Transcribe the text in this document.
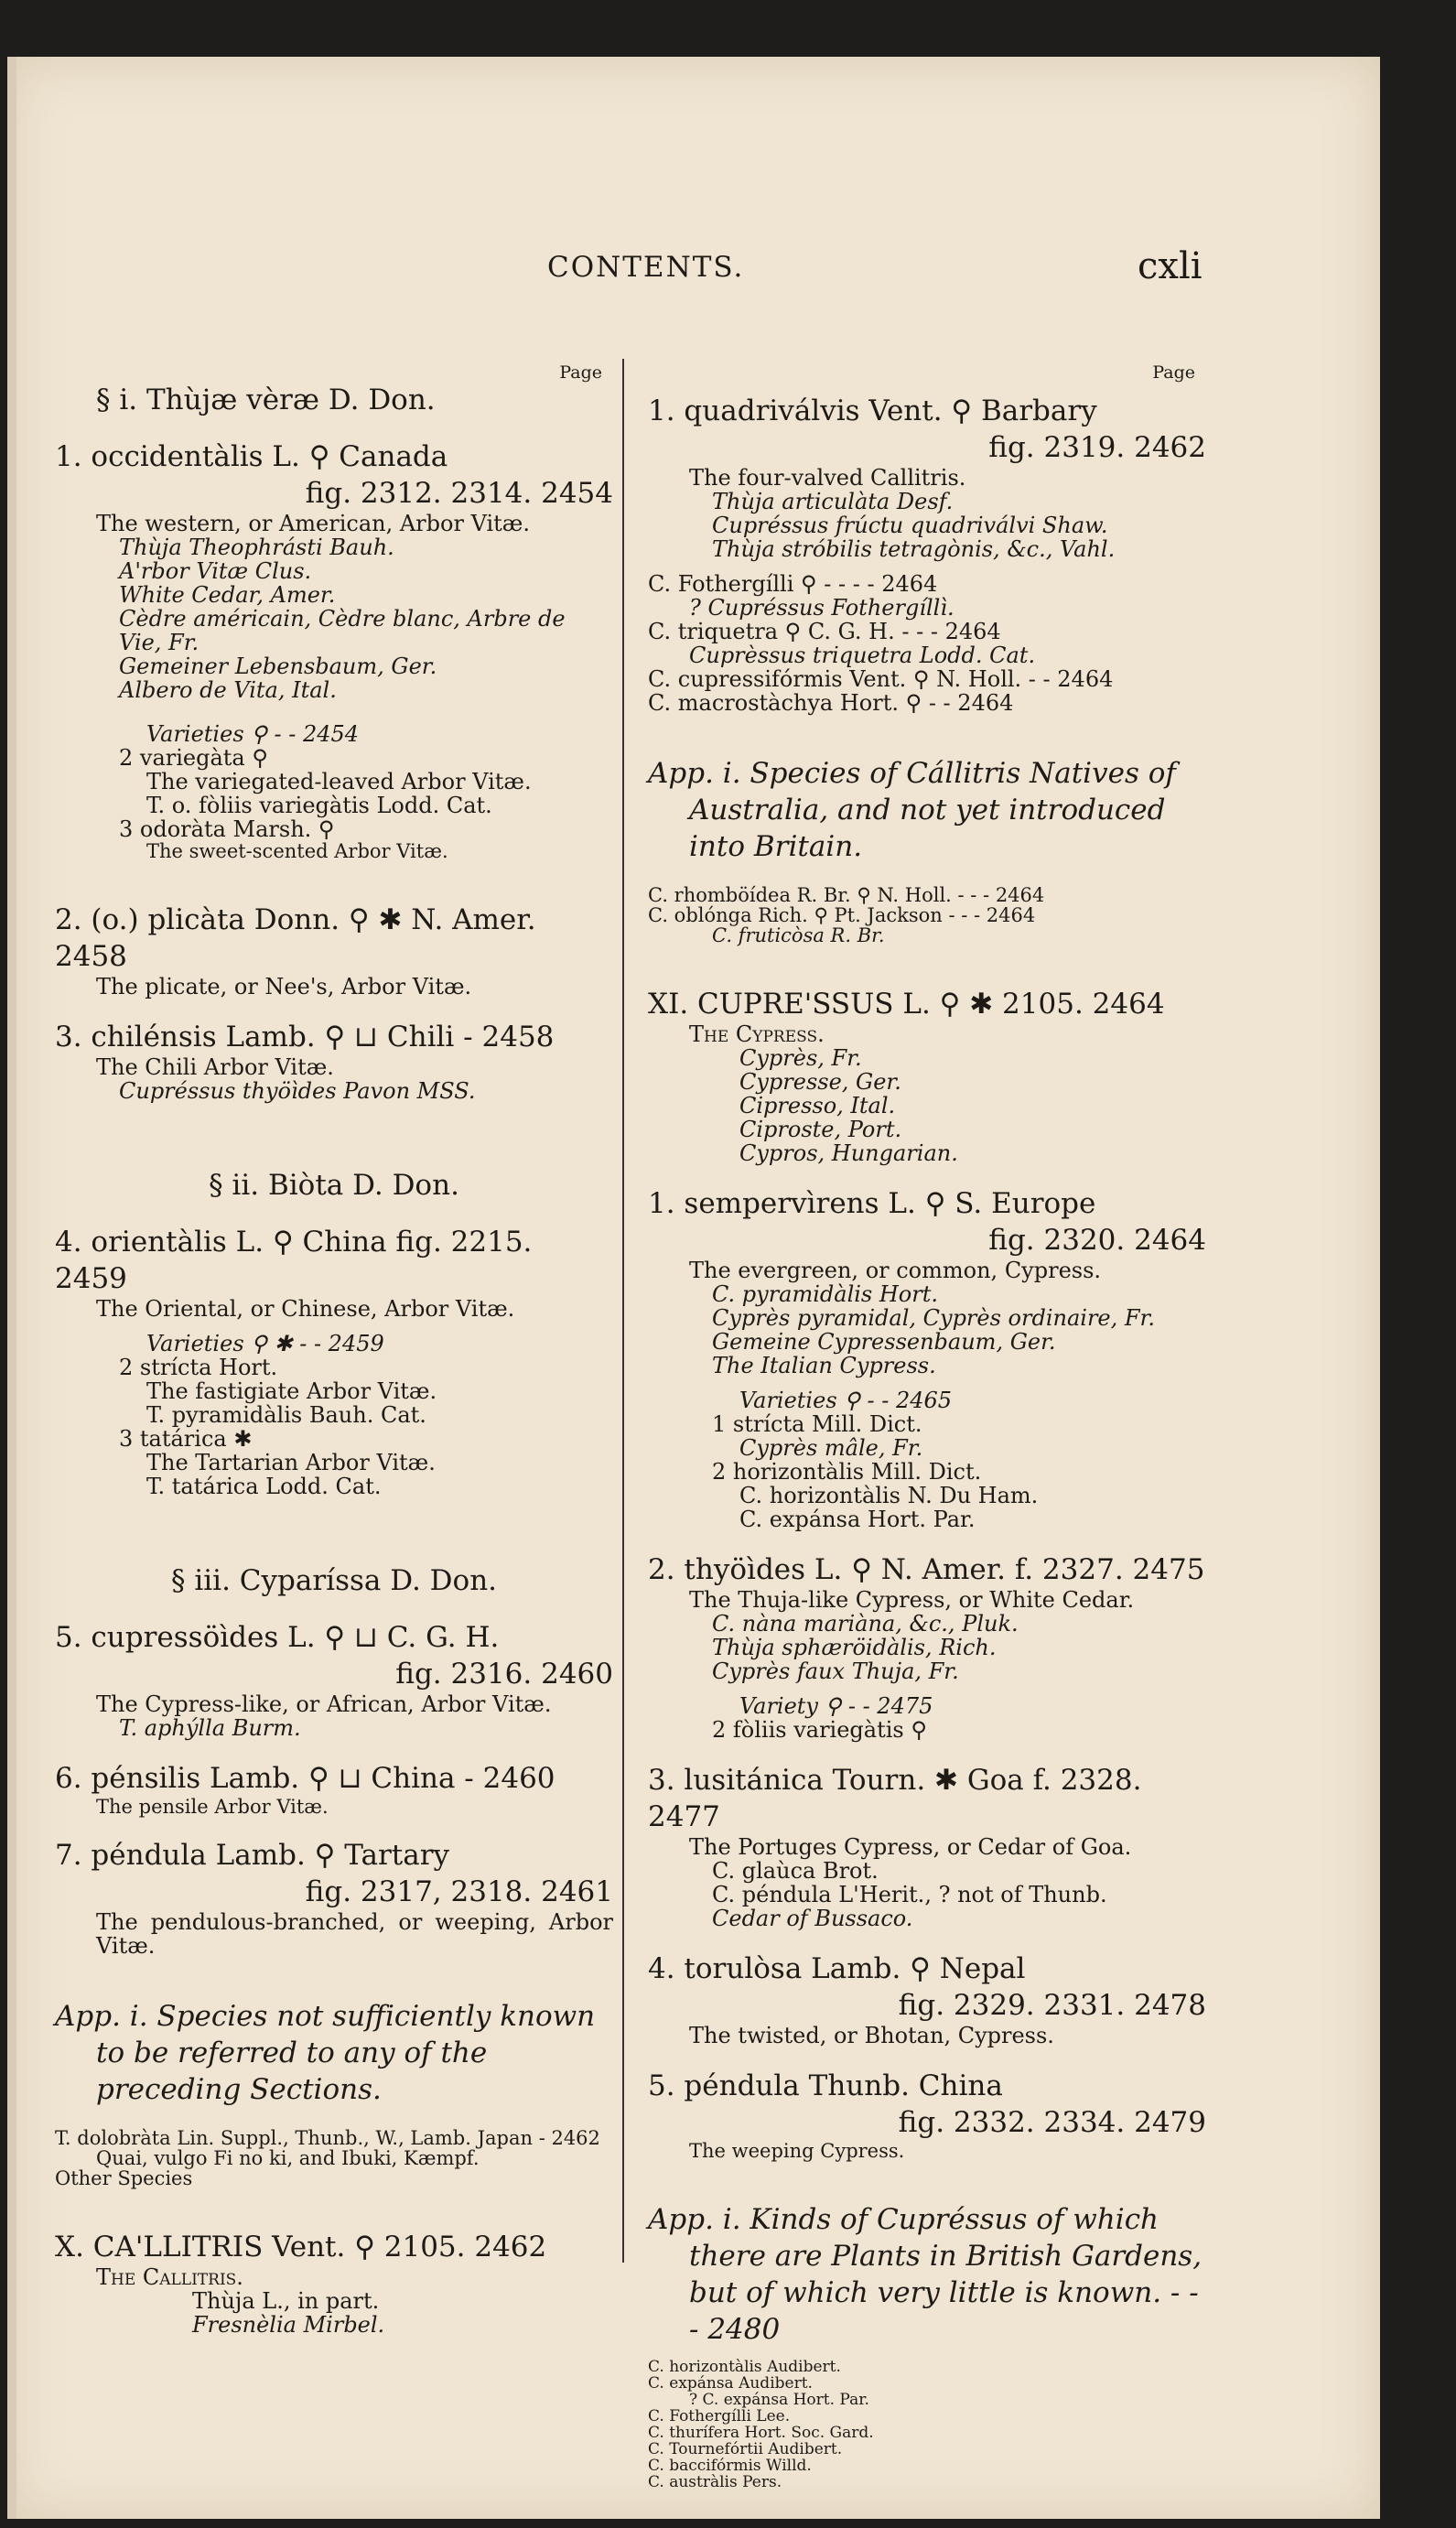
CONTENTS.	cxli
Page
§ i. Thùjæ vèræ D. Don.
1. occidentàlis L. ⚲ Canada
fig. 2312. 2314. 2454
The western, or American, Arbor Vitæ.
Thùja Theophrásti Bauh.
A'rbor Vitæ Clus.
White Cedar, Amer.
Cèdre américain, Cèdre blanc, Arbre de Vie, Fr.
Gemeiner Lebensbaum, Ger.
Albero de Vita, Ital.
Varieties ⚲ - - 2454
2 variegàta ⚲
The variegated-leaved Arbor Vitæ.
T. o. fòliis variegàtis Lodd. Cat.
3 odoràta Marsh. ⚲
The sweet-scented Arbor Vitæ.
2. (o.) plicàta Donn. ⚲ ✱ N. Amer. 2458
The plicate, or Nee's, Arbor Vitæ.
3. chilénsis Lamb. ⚲ ⊔ Chili - 2458
The Chili Arbor Vitæ.
Cupréssus thyöìdes Pavon MSS.
§ ii. Biòta D. Don.
4. orientàlis L. ⚲ China fig. 2215. 2459
The Oriental, or Chinese, Arbor Vitæ.
Varieties ⚲ ✱ - - 2459
2 strícta Hort.
The fastigiate Arbor Vitæ.
T. pyramidàlis Bauh. Cat.
3 tatárica ✱
The Tartarian Arbor Vitæ.
T. tatárica Lodd. Cat.
§ iii. Cyparíssa D. Don.
5. cupressöìdes L. ⚲ ⊔ C. G. H.
fig. 2316. 2460
The Cypress-like, or African, Arbor Vitæ.
T. aphýlla Burm.
6. pénsilis Lamb. ⚲ ⊔ China - 2460
The pensile Arbor Vitæ.
7. péndula Lamb. ⚲ Tartary
fig. 2317, 2318. 2461
The pendulous-branched, or weeping, Arbor Vitæ.
App. i. Species not sufficiently known to be referred to any of the preceding Sections.
T. dolobràta Lin. Suppl., Thunb., W., Lamb. Japan - 2462
Quai, vulgo Fi no ki, and Ibuki, Kæmpf.
Other Species
X. CA'LLITRIS Vent. ⚲ 2105. 2462
The Callitris.
Thùja L., in part.
Fresnèlia Mirbel.
Page
1. quadriválvis Vent. ⚲ Barbary
fig. 2319. 2462
The four-valved Callitris.
Thùja articulàta Desf.
Cupréssus frúctu quadriválvi Shaw.
Thùja stróbilis tetragònis, &c., Vahl.
C. Fothergílli ⚲ - - - - 2464
? Cupréssus Fothergíllì.
C. triquetra ⚲ C. G. H. - - - 2464
Cuprèssus triquetra Lodd. Cat.
C. cupressifórmis Vent. ⚲ N. Holl. - - 2464
C. macrostàchya Hort. ⚲ - - 2464
App. i. Species of Cállitris Natives of Australia, and not yet introduced into Britain.
C. rhomböídea R. Br. ⚲ N. Holl. - - - 2464
C. oblónga Rich. ⚲ Pt. Jackson - - - 2464
C. fruticòsa R. Br.
XI. CUPRE'SSUS L. ⚲ ✱ 2105. 2464
The Cypress.
Cyprès, Fr.
Cypresse, Ger.
Cipresso, Ital.
Ciproste, Port.
Cypros, Hungarian.
1. sempervìrens L. ⚲ S. Europe
fig. 2320. 2464
The evergreen, or common, Cypress.
C. pyramidàlis Hort.
Cyprès pyramidal, Cyprès ordinaire, Fr.
Gemeine Cypressenbaum, Ger.
The Italian Cypress.
Varieties ⚲ - - 2465
1 strícta Mill. Dict.
Cyprès mâle, Fr.
2 horizontàlis Mill. Dict.
C. horizontàlis N. Du Ham.
C. expánsa Hort. Par.
2. thyöìdes L. ⚲ N. Amer. f. 2327. 2475
The Thuja-like Cypress, or White Cedar.
C. nàna mariàna, &c., Pluk.
Thùja sphæröidàlis, Rich.
Cyprès faux Thuja, Fr.
Variety ⚲ - - 2475
2 fòliis variegàtis ⚲
3. lusitánica Tourn. ✱ Goa f. 2328. 2477
The Portuges Cypress, or Cedar of Goa.
C. glaùca Brot.
C. péndula L'Herit., ? not of Thunb.
Cedar of Bussaco.
4. torulòsa Lamb. ⚲ Nepal
fig. 2329. 2331. 2478
The twisted, or Bhotan, Cypress.
5. péndula Thunb. China
fig. 2332. 2334. 2479
The weeping Cypress.
App. i. Kinds of Cupréssus of which there are Plants in British Gardens, but of which very little is known. - - - 2480
C. horizontàlis Audibert.
C. expánsa Audibert.
? C. expánsa Hort. Par.
C. Fothergílli Lee.
C. thurífera Hort. Soc. Gard.
C. Tournefórtii Audibert.
C. baccifórmis Willd.
C. austràlis Pers.
